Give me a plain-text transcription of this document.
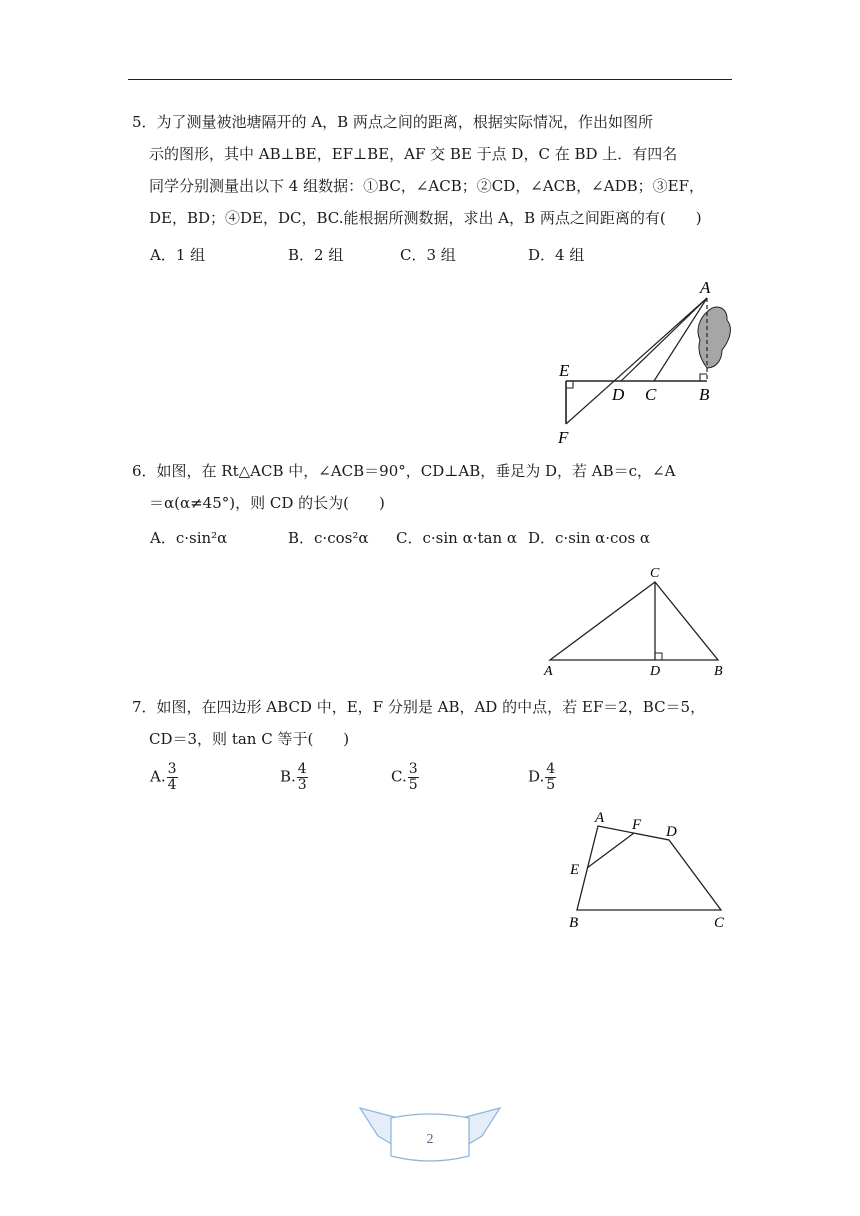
5．为了测量被池塘隔开的 A，B 两点之间的距离，根据实际情况，作出如图所

示的图形，其中 AB⊥BE，EF⊥BE，AF 交 BE 于点 D，C 在 BD 上．有四名

同学分别测量出以下 4 组数据：①BC，∠ACB；②CD，∠ACB，∠ADB；③EF，

DE，BD；④DE，DC，BC.能根据所测数据，求出 A，B 两点之间距离的有(　　)

A．1 组	B．2 组	C．3 组	D．4 组
A
E
D C	B
F

6．如图，在 Rt△ACB 中，∠ACB＝90°，CD⊥AB，垂足为 D，若 AB＝c，∠A

＝α(α≠45°)，则 CD 的长为(　　)

A．c·sin²α	B．c·cos²α C．c·sin α·tan α D．c·sin α·cos α
C
A	D	B

7．如图，在四边形 ABCD 中，E，F 分别是 AB，AD 的中点，若 EF＝2，BC＝5，

CD＝3，则 tan C 等于(　　)

A. $\frac{3}{4}$	B. $\frac{4}{3}$	C. $\frac{3}{5}$	D. $\frac{4}{5}$
A F D
E
B	C
2
